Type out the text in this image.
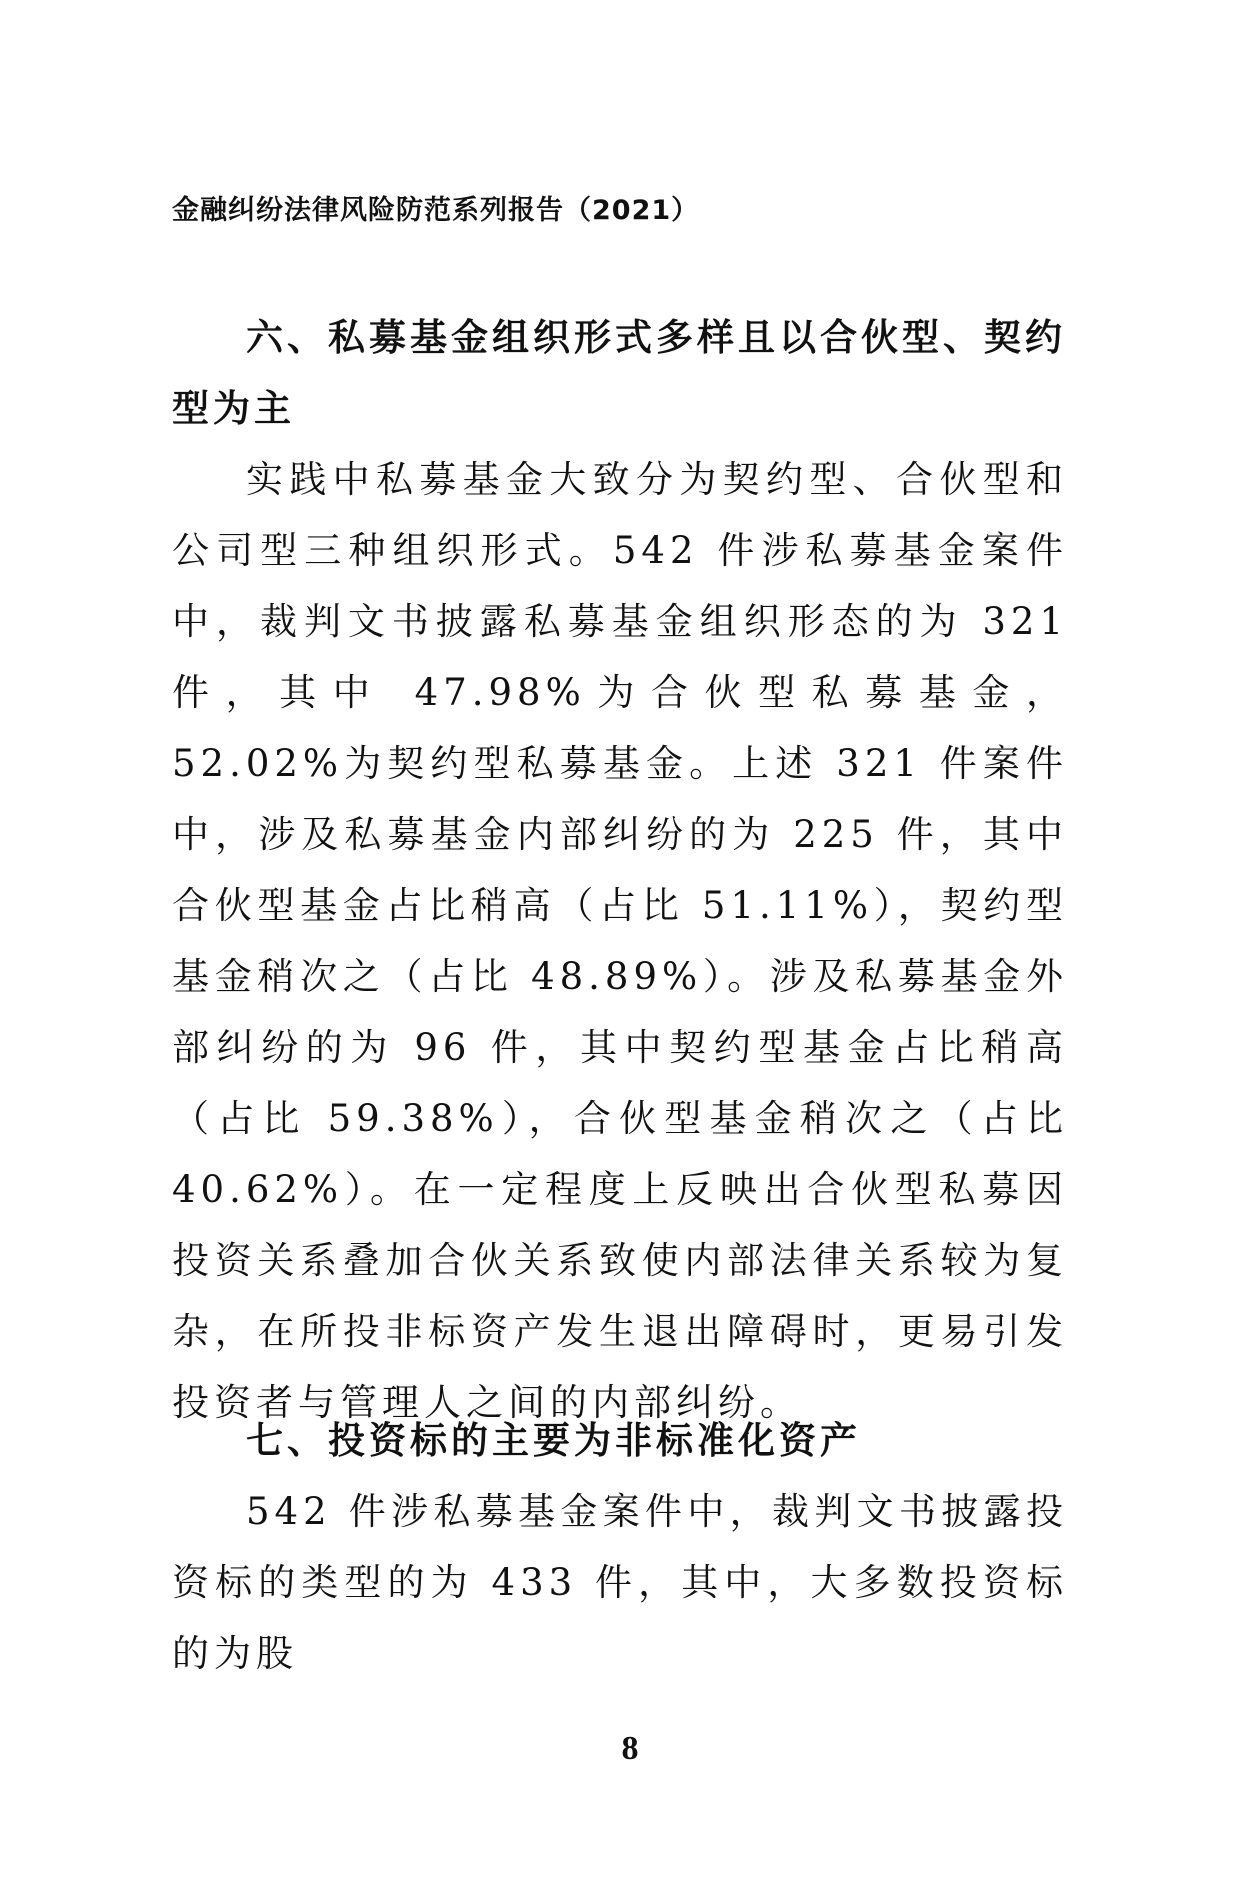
金融纠纷法律风险防范系列报告（2021）
六、私募基金组织形式多样且以合伙型、契约型为主

实践中私募基金大致分为契约型、合伙型和公司型三种组织形式。542 件涉私募基金案件中，裁判文书披露私募基金组织形态的为 321 件，其中 47.98%为合伙型私募基金，52.02%为契约型私募基金。上述 321 件案件中，涉及私募基金内部纠纷的为 225 件，其中合伙型基金占比稍高（占比 51.11%），契约型基金稍次之（占比 48.89%）。涉及私募基金外部纠纷的为 96 件，其中契约型基金占比稍高（占比 59.38%），合伙型基金稍次之（占比 40.62%）。在一定程度上反映出合伙型私募因投资关系叠加合伙关系致使内部法律关系较为复杂，在所投非标资产发生退出障碍时，更易引发投资者与管理人之间的内部纠纷。

七、投资标的主要为非标准化资产

542 件涉私募基金案件中，裁判文书披露投资标的类型的为 433 件，其中，大多数投资标的为股

8
